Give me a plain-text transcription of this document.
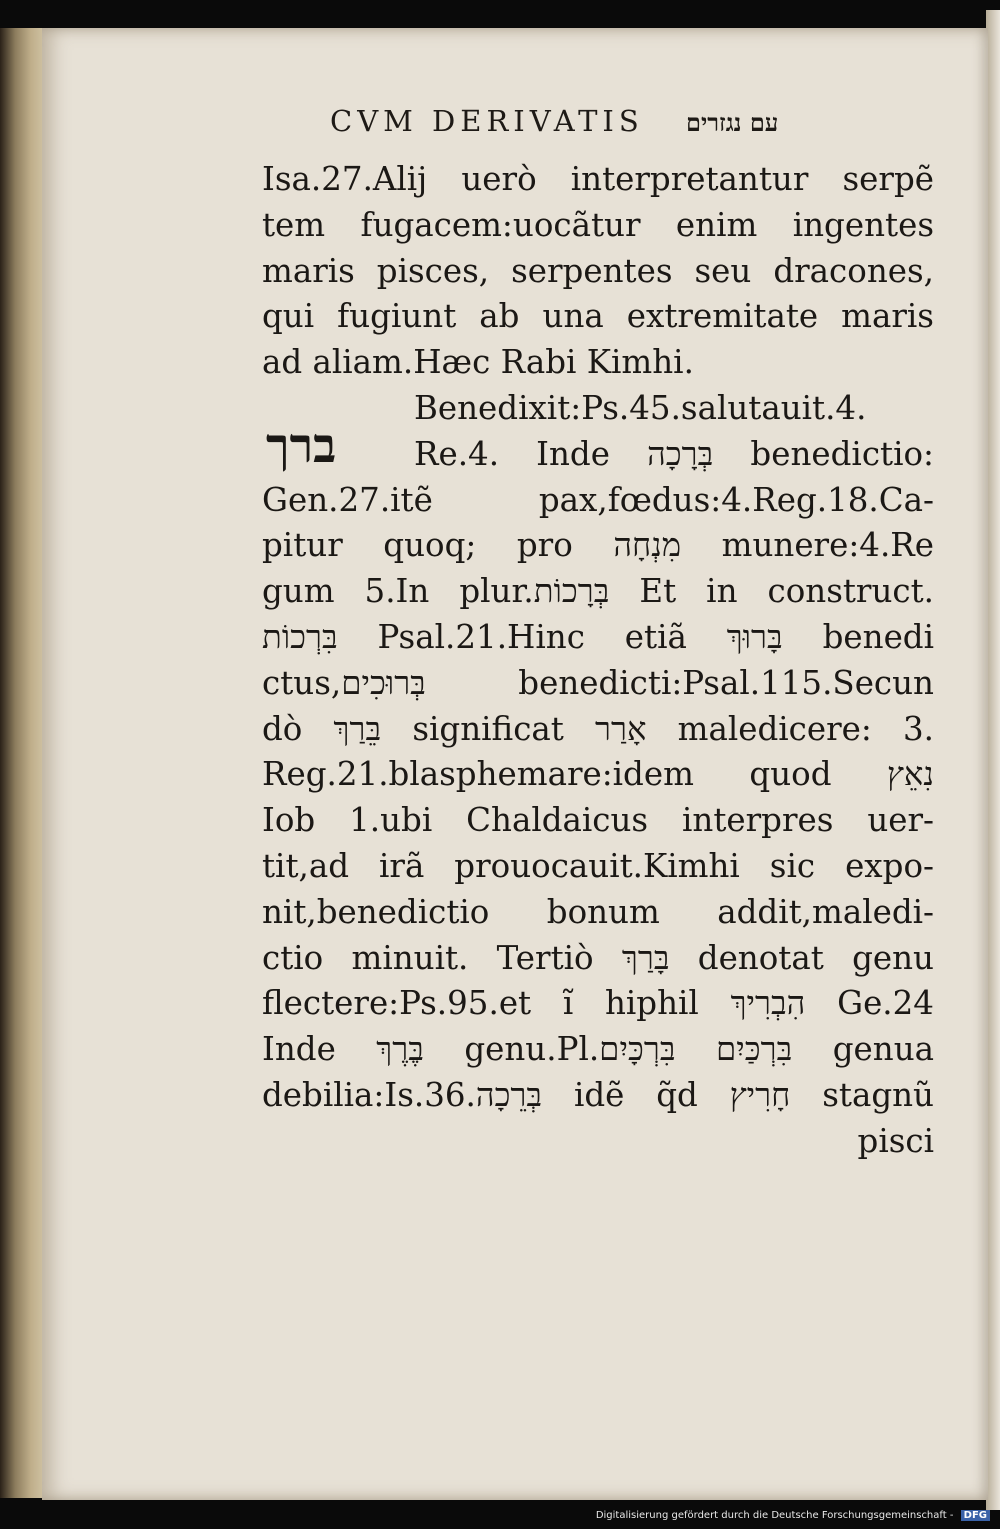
CVM DERIVATIS עם נגזרים
ברך
Isa.27.Alij uerò interpretantur serpẽ
tem fugacem:uocãtur enim ingentes
maris pisces, serpentes seu dracones,
qui fugiunt ab una extremitate maris
ad aliam.Hæc Rabi Kimhi.
Benedixit:Ps.45.salutauit.4.
Re.4. Inde בְּרָכָה benedictio:
Gen.27.itẽ pax,fœdus:4.Reg.18.Ca-
pitur quoq; pro מִנְחָה munere:4.Re
gum 5.In plur.בְּרָכוֹת Et in construct.
בִּרְכוֹת Psal.21.Hinc etiã בָּרוּךְ benedi
ctus,בְּרוּכִים benedicti:Psal.115.Secun
dò בֵּרַךְ significat אָרַר maledicere: 3.
Reg.21.blasphemare:idem quod נִאֵץ
Iob 1.ubi Chaldaicus interpres uer-
tit,ad irã prouocauit.Kimhi sic expo-
nit,benedictio bonum addit,maledi-
ctio minuit. Tertiò בָּרַךְ denotat genu
flectere:Ps.95.et ĩ hiphil הִבְרִיךְ Ge.24
Inde בֶּרֶךְ genu.Pl.בִּרְכַּיִם בִּרְכָּיִם genua
debilia:Is.36.בְּרֵכָה idẽ q̃d חָרִיץ stagnũ
pisci
Digitalisierung gefördert durch die Deutsche Forschungsgemeinschaft - DFG
